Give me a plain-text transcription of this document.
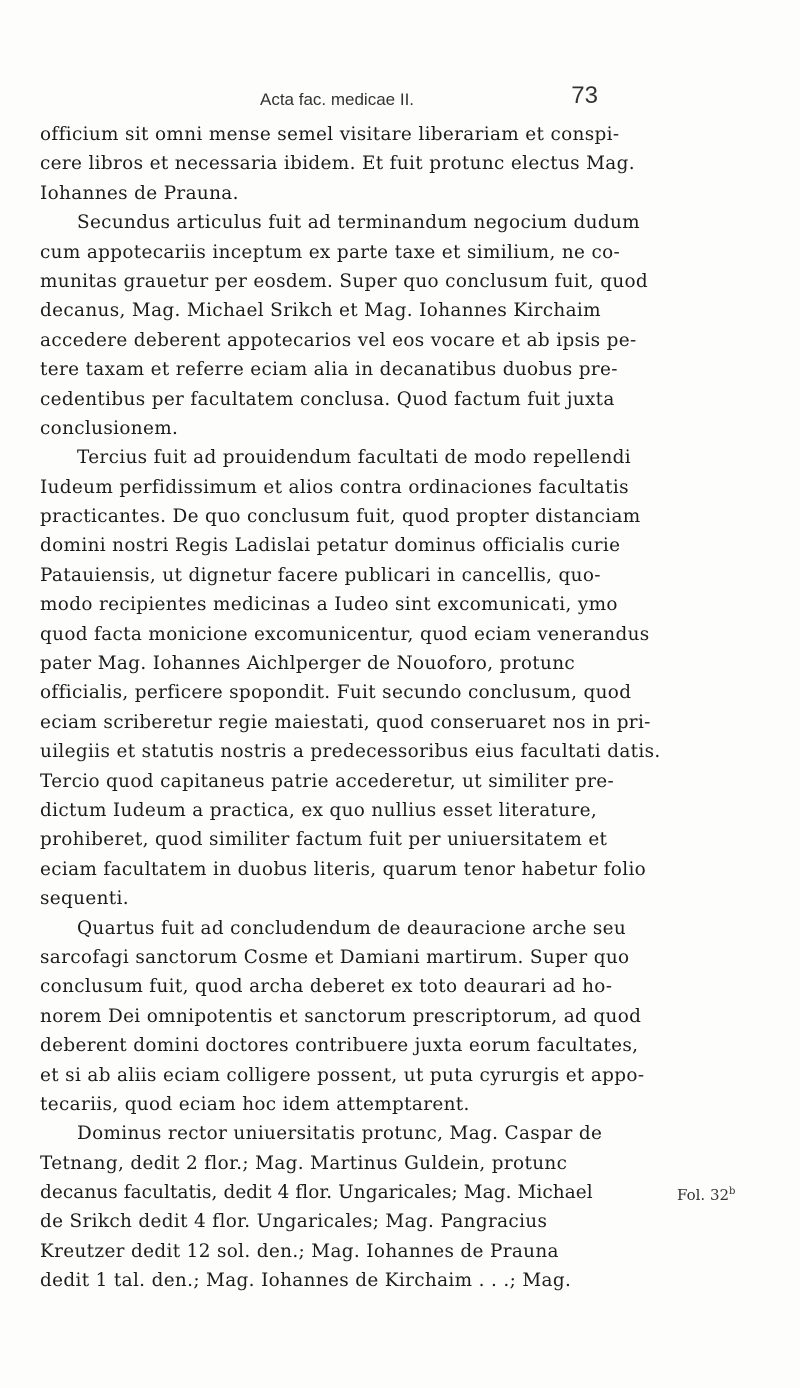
Acta fac. medicae II.	73
officium sit omni mense semel visitare liberariam et conspi-
cere libros et necessaria ibidem. Et fuit protunc electus Mag.
Iohannes de Prauna.
Secundus articulus fuit ad terminandum negocium dudum
cum appotecariis inceptum ex parte taxe et similium, ne co-
munitas grauetur per eosdem. Super quo conclusum fuit, quod
decanus, Mag. Michael Srikch et Mag. Iohannes Kirchaim
accedere deberent appotecarios vel eos vocare et ab ipsis pe-
tere taxam et referre eciam alia in decanatibus duobus pre-
cedentibus per facultatem conclusa. Quod factum fuit juxta
conclusionem.
Tercius fuit ad prouidendum facultati de modo repellendi
Iudeum perfidissimum et alios contra ordinaciones facultatis
practicantes. De quo conclusum fuit, quod propter distanciam
domini nostri Regis Ladislai petatur dominus officialis curie
Patauiensis, ut dignetur facere publicari in cancellis, quo-
modo recipientes medicinas a Iudeo sint excomunicati, ymo
quod facta monicione excomunicentur, quod eciam venerandus
pater Mag. Iohannes Aichlperger de Nouoforo, protunc
officialis, perficere spopondit. Fuit secundo conclusum, quod
eciam scriberetur regie maiestati, quod conseruaret nos in pri-
uilegiis et statutis nostris a predecessoribus eius facultati datis.
Tercio quod capitaneus patrie accederetur, ut similiter pre-
dictum Iudeum a practica, ex quo nullius esset literature,
prohiberet, quod similiter factum fuit per uniuersitatem et
eciam facultatem in duobus literis, quarum tenor habetur folio
sequenti.
Quartus fuit ad concludendum de deauracione arche seu
sarcofagi sanctorum Cosme et Damiani martirum. Super quo
conclusum fuit, quod archa deberet ex toto deaurari ad ho-
norem Dei omnipotentis et sanctorum prescriptorum, ad quod
deberent domini doctores contribuere juxta eorum facultates,
et si ab aliis eciam colligere possent, ut puta cyrurgis et appo-
tecariis, quod eciam hoc idem attemptarent.
Dominus rector uniuersitatis protunc, Mag. Caspar de
Tetnang, dedit 2 flor.; Mag. Martinus Guldein, protunc
decanus facultatis, dedit 4 flor. Ungaricales; Mag. Michael
de Srikch dedit 4 flor. Ungaricales; Mag. Pangracius
Kreutzer dedit 12 sol. den.; Mag. Iohannes de Prauna
dedit 1 tal. den.; Mag. Iohannes de Kirchaim . . .; Mag.
Fol. 32$^b$
